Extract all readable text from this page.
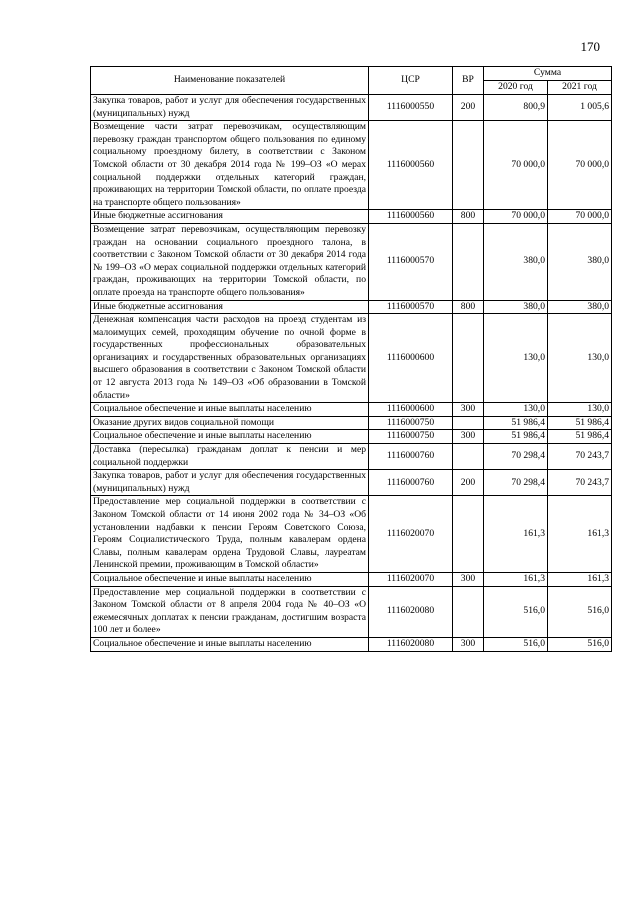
170
Наименование показателей	ЦСР	ВР	Сумма	
			2020 год	2021 год
Закупка товаров, работ и услуг для обеспечения государственных (муниципальных) нужд	1116000550	200	800,9	1 005,6
Возмещение части затрат перевозчикам, осуществляющим перевозку граждан транспортом общего пользования по единому социальному проездному билету, в соответствии с Законом Томской области от 30 декабря 2014 года № 199–ОЗ «О мерах социальной поддержки отдельных категорий граждан, проживающих на территории Томской области, по оплате проезда на транспорте общего пользования»	1116000560		70 000,0	70 000,0
Иные бюджетные ассигнования	1116000560	800	70 000,0	70 000,0
Возмещение затрат перевозчикам, осуществляющим перевозку граждан на основании социального проездного талона, в соответствии с Законом Томской области от 30 декабря 2014 года № 199–ОЗ «О мерах социальной поддержки отдельных категорий граждан, проживающих на территории Томской области, по оплате проезда на транспорте общего пользования»	1116000570		380,0	380,0
Иные бюджетные ассигнования	1116000570	800	380,0	380,0
Денежная компенсация части расходов на проезд студентам из малоимущих семей, проходящим обучение по очной форме в государственных профессиональных образовательных организациях и государственных образовательных организациях высшего образования в соответствии с Законом Томской области от 12 августа 2013 года № 149–ОЗ «Об образовании в Томской области»	1116000600		130,0	130,0
Социальное обеспечение и иные выплаты населению	1116000600	300	130,0	130,0
Оказание других видов социальной помощи	1116000750		51 986,4	51 986,4
Социальное обеспечение и иные выплаты населению	1116000750	300	51 986,4	51 986,4
Доставка (пересылка) гражданам доплат к пенсии и мер социальной поддержки	1116000760		70 298,4	70 243,7
Закупка товаров, работ и услуг для обеспечения государственных (муниципальных) нужд	1116000760	200	70 298,4	70 243,7
Предоставление мер социальной поддержки в соответствии с Законом Томской области от 14 июня 2002 года № 34–ОЗ «Об установлении надбавки к пенсии Героям Советского Союза, Героям Социалистического Труда, полным кавалерам ордена Славы, полным кавалерам ордена Трудовой Славы, лауреатам Ленинской премии, проживающим в Томской области»	1116020070		161,3	161,3
Социальное обеспечение и иные выплаты населению	1116020070	300	161,3	161,3
Предоставление мер социальной поддержки в соответствии с Законом Томской области от 8 апреля 2004 года № 40–ОЗ «О ежемесячных доплатах к пенсии гражданам, достигшим возраста 100 лет и более»	1116020080		516,0	516,0
Социальное обеспечение и иные выплаты населению	1116020080	300	516,0	516,0
